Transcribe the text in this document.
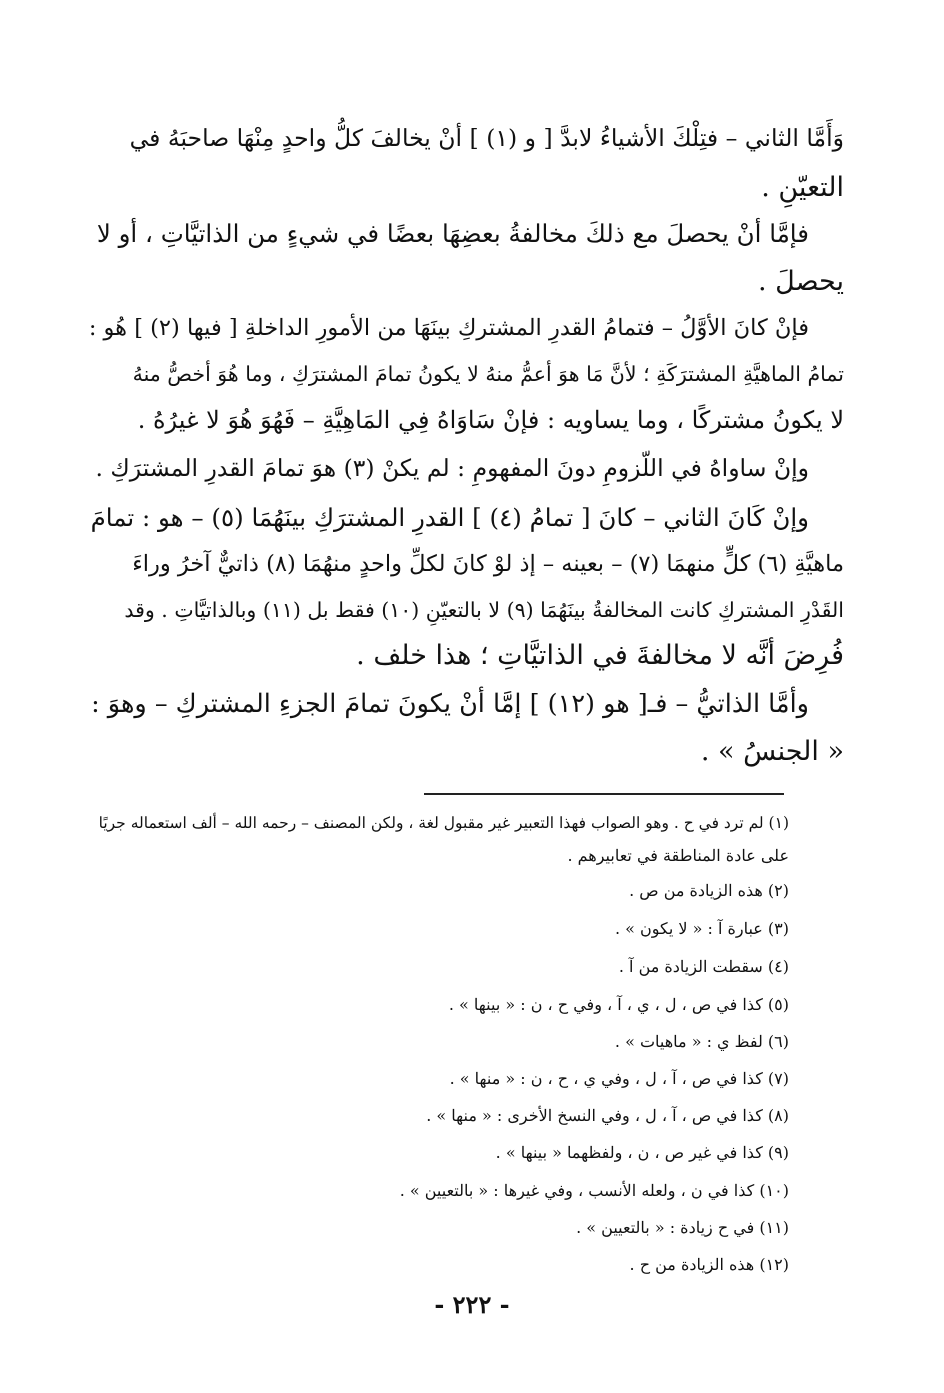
وَأَمَّا الثاني – فتِلْكَ الأشياءُ لابدَّ [ و (١) ] أنْ يخالفَ كلُّ واحدٍ مِنْهَا صاحبَهُ في
التعيّنِ .
فإمَّا أنْ يحصلَ مع ذلكَ مخالفةُ بعضِهَا بعضًا في شيءٍ من الذاتيَّاتِ ، أو لا
يحصلَ .
فإنْ كانَ الأوَّلُ – فتمامُ القدرِ المشتركِ بينَهَا من الأمورِ الداخلةِ [ فيها (٢) ] هُو :
تمامُ الماهيَّةِ المشترَكَةِ ؛ لأنَّ مَا هوَ أعمُّ منهُ لا يكونُ تمامَ المشترَكِ ، وما هُوَ أخصُّ منهُ
لا يكونُ مشتركًا ، وما يساويه : فإنْ سَاوَاهُ فِي المَاهِيَّةِ – فَهُوَ هُوَ لا غيرُهُ .
وإنْ ساواهُ في اللّزومِ دونَ المفهومِ : لم يكنْ (٣) هوَ تمامَ القدرِ المشترَكِ .
وإنْ كَانَ الثاني – كانَ [ تمامُ (٤) ] القدرِ المشترَكِ بينَهُمَا (٥) – هو : تمامَ
ماهيَّةِ (٦) كلٍّ منهمَا (٧) – بعينه – إذ لوْ كانَ لكلِّ واحدٍ منهُمَا (٨) ذاتيٌّ آخرُ وراءَ
القَدْرِ المشتركِ كانت المخالفةُ بينَهُمَا (٩) لا بالتعيّنِ (١٠) فقط بل (١١) وبالذاتيَّاتِ . وقد
فُرِضَ أنَّه لا مخالفةَ في الذاتيَّاتِ ؛ هذا خلف .
وأمَّا الذاتيُّ – فـ[ هو (١٢) ] إمَّا أنْ يكونَ تمامَ الجزءِ المشتركِ – وهوَ :
« الجنسُ » .
(١) لم ترد في ح . وهو الصواب فهذا التعبير غير مقبول لغة ، ولكن المصنف – رحمه الله – ألف استعماله جريًا
على عادة المناطقة في تعابيرهم .
(٢) هذه الزيادة من ص .
(٣) عبارة آ : « لا يكون » .
(٤) سقطت الزيادة من آ .
(٥) كذا في ص ، ل ، ي ، آ ، وفي ح ، ن : « بينها » .
(٦) لفظ ي : « ماهيات » .
(٧) كذا في ص ، آ ، ل ، وفي ي ، ح ، ن : « منها » .
(٨) كذا في ص ، آ ، ل ، وفي النسخ الأخرى : « منها » .
(٩) كذا في غير ص ، ن ، ولفظهما « بينها » .
(١٠) كذا في ن ، ولعله الأنسب ، وفي غيرها : « بالتعيين » .
(١١) في ح زيادة : « بالتعيين » .
(١٢) هذه الزيادة من ح .
- ٢٢٢ -
